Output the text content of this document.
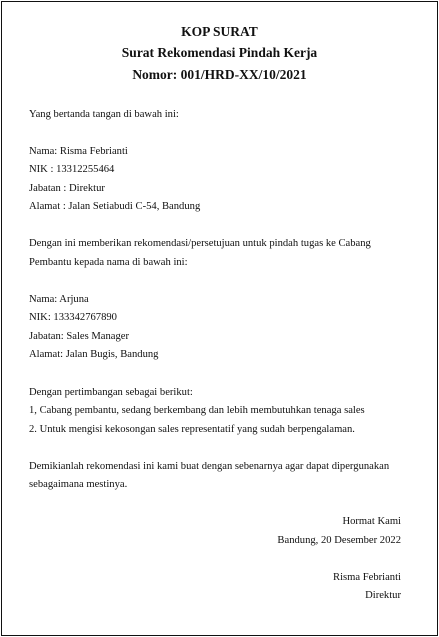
KOP SURAT
Surat Rekomendasi Pindah Kerja
Nomor: 001/HRD-XX/10/2021
Yang bertanda tangan di bawah ini:
Nama: Risma Febrianti
NIK : 13312255464
Jabatan : Direktur
Alamat : Jalan Setiabudi C-54, Bandung
Dengan ini memberikan rekomendasi/persetujuan untuk pindah tugas ke Cabang
Pembantu kepada nama di bawah ini:
Nama: Arjuna
NIK: 133342767890
Jabatan: Sales Manager
Alamat: Jalan Bugis, Bandung
Dengan pertimbangan sebagai berikut:
1, Cabang pembantu, sedang berkembang dan lebih membutuhkan tenaga sales
2. Untuk mengisi kekosongan sales representatif yang sudah berpengalaman.
Demikianlah rekomendasi ini kami buat dengan sebenarnya agar dapat dipergunakan
sebagaimana mestinya.
Hormat Kami
Bandung, 20 Desember 2022
Risma Febrianti
Direktur
